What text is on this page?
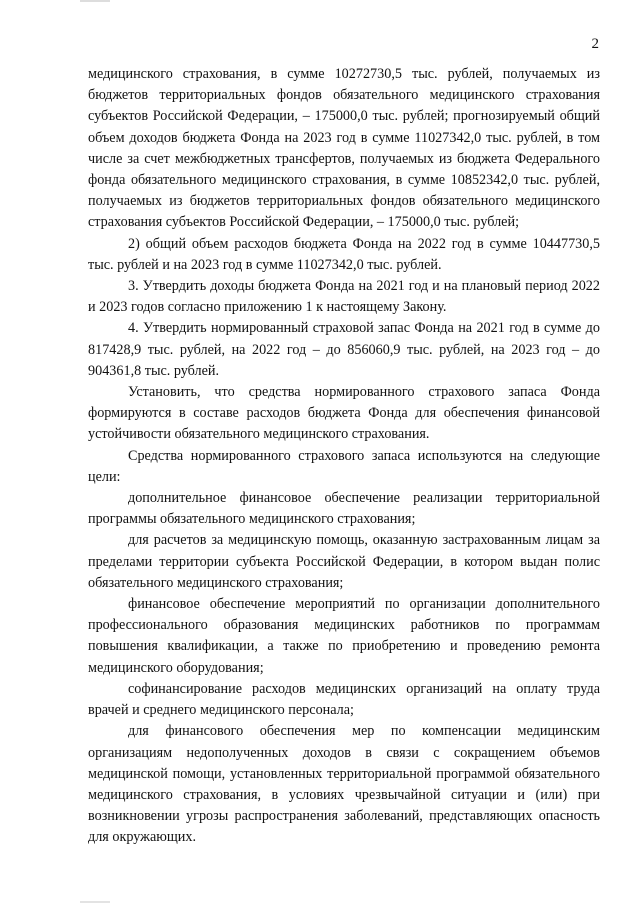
2

медицинского страхования, в сумме 10272730,5 тыс. рублей, получаемых из бюджетов территориальных фондов обязательного медицинского страхования субъектов Российской Федерации, – 175000,0 тыс. рублей; прогнозируемый общий объем доходов бюджета Фонда на 2023 год в сумме 11027342,0 тыс. рублей, в том числе за счет межбюджетных трансфертов, получаемых из бюджета Федерального фонда обязательного медицинского страхования, в сумме 10852342,0 тыс. рублей, получаемых из бюджетов территориальных фондов обязательного медицинского страхования субъектов Российской Федерации, – 175000,0 тыс. рублей;

2) общий объем расходов бюджета Фонда на 2022 год в сумме 10447730,5 тыс. рублей и на 2023 год в сумме 11027342,0 тыс. рублей.

3. Утвердить доходы бюджета Фонда на 2021 год и на плановый период 2022 и 2023 годов согласно приложению 1 к настоящему Закону.

4. Утвердить нормированный страховой запас Фонда на 2021 год в сумме до 817428,9 тыс. рублей, на 2022 год – до 856060,9 тыс. рублей, на 2023 год – до 904361,8 тыс. рублей.

Установить, что средства нормированного страхового запаса Фонда формируются в составе расходов бюджета Фонда для обеспечения финансовой устойчивости обязательного медицинского страхования.

Средства нормированного страхового запаса используются на следующие цели:

дополнительное финансовое обеспечение реализации территориальной программы обязательного медицинского страхования;

для расчетов за медицинскую помощь, оказанную застрахованным лицам за пределами территории субъекта Российской Федерации, в котором выдан полис обязательного медицинского страхования;

финансовое обеспечение мероприятий по организации дополнительного профессионального образования медицинских работников по программам повышения квалификации, а также по приобретению и проведению ремонта медицинского оборудования;

софинансирование расходов медицинских организаций на оплату труда врачей и среднего медицинского персонала;

для финансового обеспечения мер по компенсации медицинским организациям недополученных доходов в связи с сокращением объемов медицинской помощи, установленных территориальной программой обязательного медицинского страхования, в условиях чрезвычайной ситуации и (или) при возникновении угрозы распространения заболеваний, представляющих опасность для окружающих.
